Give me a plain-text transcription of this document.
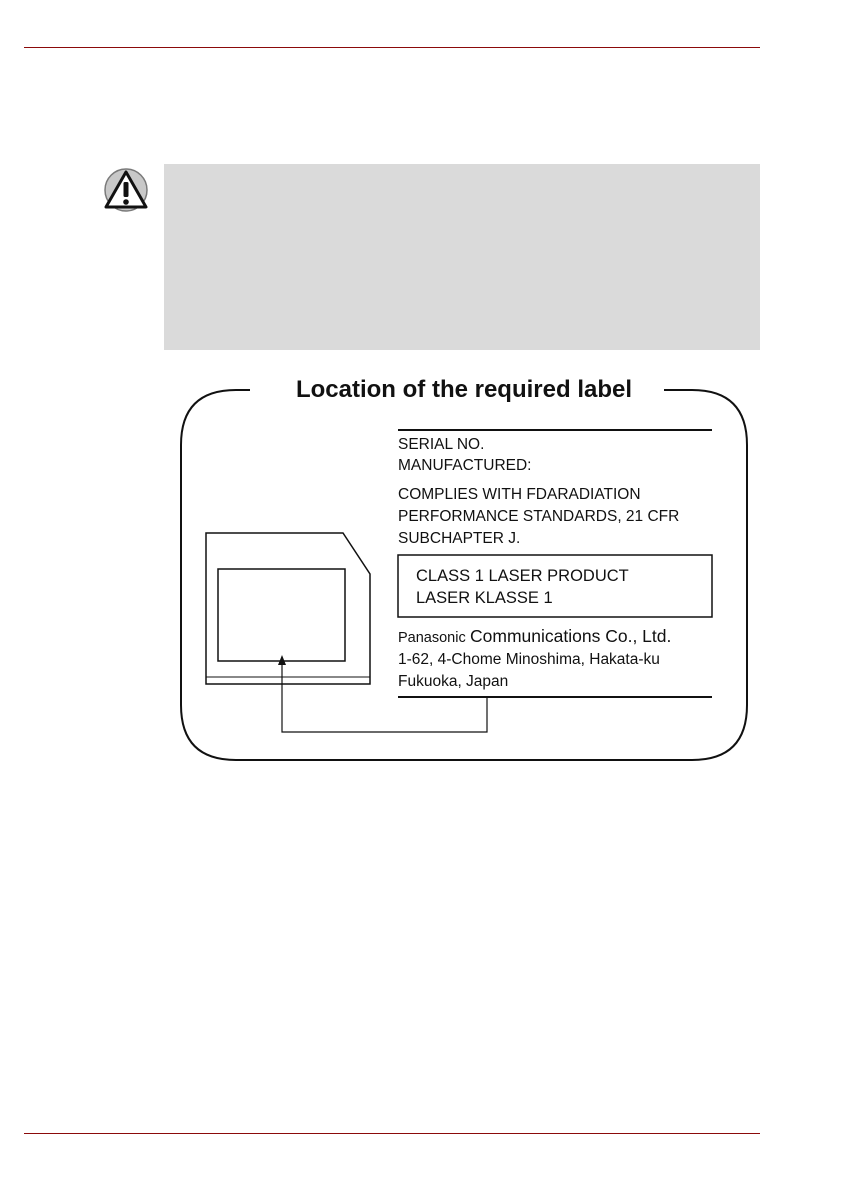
Location of the required label
SERIAL NO.
MANUFACTURED:
COMPLIES WITH FDARADIATION
PERFORMANCE STANDARDS, 21 CFR
SUBCHAPTER J.
CLASS 1 LASER PRODUCT
LASER KLASSE 1
Panasonic Communications Co., Ltd.
1-62, 4-Chome Minoshima, Hakata-ku
Fukuoka, Japan
